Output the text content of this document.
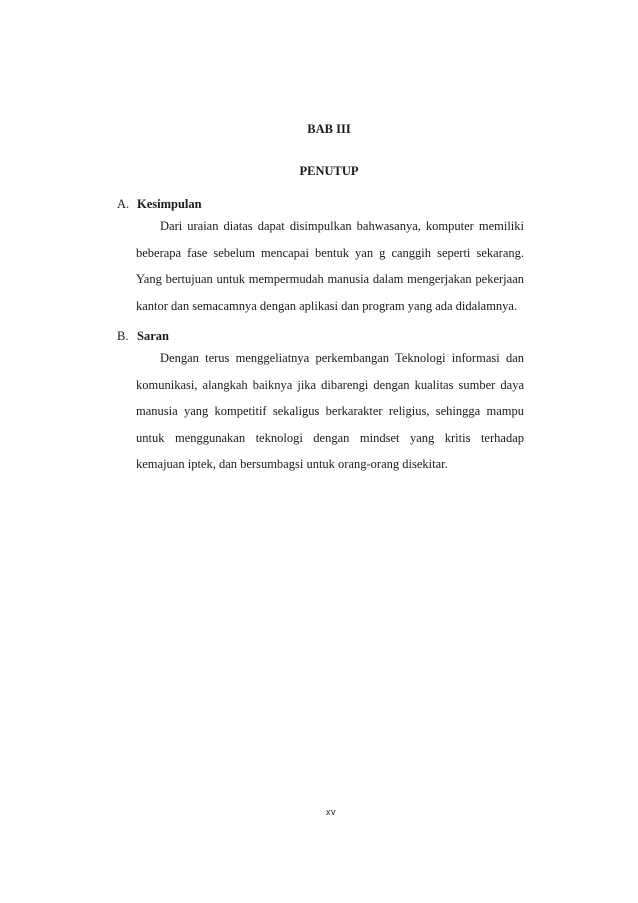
BAB III
PENUTUP
A. Kesimpulan
Dari uraian diatas dapat disimpulkan bahwasanya, komputer memiliki beberapa fase sebelum mencapai bentuk yan g canggih seperti sekarang. Yang bertujuan untuk mempermudah manusia dalam mengerjakan pekerjaan kantor dan semacamnya dengan aplikasi dan program yang ada didalamnya.
B. Saran
Dengan terus menggeliatnya perkembangan Teknologi informasi dan komunikasi, alangkah baiknya jika dibarengi dengan kualitas sumber daya manusia yang kompetitif sekaligus berkarakter religius, sehingga mampu untuk menggunakan teknologi dengan mindset yang kritis terhadap kemajuan iptek, dan bersumbagsi untuk orang-orang disekitar.
xv
